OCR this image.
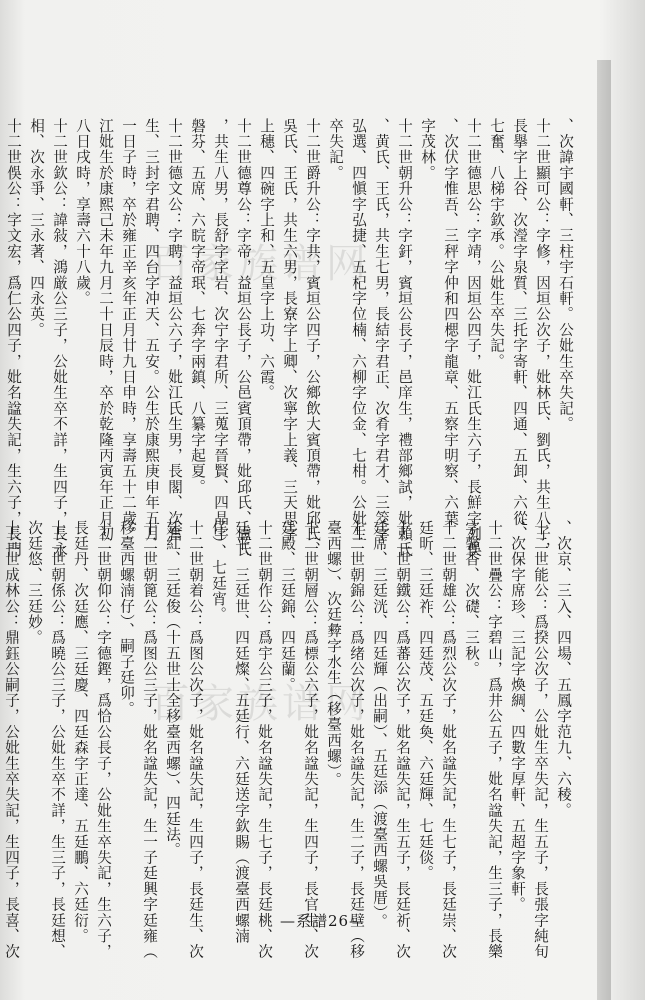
百家族谱网
百家族谱网

、次諱宇國軒、三柱宇石軒。公妣生卒失記。

十二世顯可公：字修，因垣公次子，妣林氏、劉氏，共生八子，

長擧字上谷、次瀅字泉質、三托字寄軒、四通、五卸、六從、

七奮、八梯宇欽承。公妣生卒失記。

十二世德思公：字靖，因垣公四子，妣江氏生六子，長鮮字列俁

、次伏字惟吾、三秤字仲和四楒字龍章、五察宇明察、六葉

字茂林。

十二世朝升公：字釬，賓垣公長子，邑庠生，禮部鄉試，妣賴氏

、黄氏、王氏，共生七男，長結字君正、次肴字君才、三筊字

弘選、四愼字弘捷、五杞字位楠、六柳字位金、七柑。公妣生

卒失記。

十二世爵升公：字共，賓垣公四子，公鄉飲大賓頂帶，妣邱氏、

吳氏、王氏，共生六男，長寮字上卿、次寧字上義、三天思字

上穗、四碗字上和、五皇字上功、六霞。

十二世德尊公：字帝，益垣公長子，公邑賓頂帶，妣邱氏、盧氏

，共生八男，長舒字字岩、次宁字君所、三蒐字晉賢、四晶字

磐芬、五席、六睆字帝珉、七奔字兩鎮、八纂字起夏。

十二世德文公：字聘，益垣公六子，妣江氏生男，長閣、次奮

生、三封字君聘、四台字冲天、五安。公生於康熙庚申年五月

一日子時，卒於雍正辛亥年正月廿九日申時，享壽五十二歲。

江妣生於康熙己未年九月二十日辰時，卒於乾隆丙寅年正月初

八日戌時，享壽六十八歲。

十二世欽公：諱敍，鴻厳公三子，公妣生卒不詳，生四子，長永

相、次永爭、三永著、四永英。

十二世俁公：字文宏，爲仁公四子，妣名諡失記，生六子，長門

、次京、三入、四場、五鳳字范九、六稜。

十二世能公：爲揆公次子，公妣生卒失記，生五子，長張字純旬

、次保字席珍、三記字煥綢、四數字厚軒、五超字象軒。

十二世疊公：字碧山，爲井公五子，妣名諡失記，生三子，長樂

字馨香、次礎、三秋。

十二世朝雄公：爲烈公次子，妣名諡失記，生七子，長廷崇、次

廷昕、三廷祚、四廷茂、五廷奐、六廷輝、七廷倓。

十二世朝鐵公：爲蕃公次子，妣名諡失記，生五子，長廷祈、次

廷席、三廷洸、四廷輝（出嗣）、五廷添（渡臺西螺吳厝）。

十二世朝錦公：爲绪公次子，妣名諡失記，生二子，長廷壁（移

臺西螺）、次廷彜字水生（移臺西螺）。

十二世朝層公：爲標公六子，妣名諡失記，生四子，長官生、次

廷殿、三廷錦、四廷蘭。

十二世朝作公：爲宇公三子，妣名諡失記，生七子，長廷桃、次

廷平、三廷世、四廷燦、五廷行、六廷送字欽賜（渡臺西螺湳

仔）、七廷宵。

十二世朝着公：爲图公次子，妣名諡失記，生四子，長廷生、次

廷紅、三廷俊（十五世士全移臺西螺）、四廷法。

十二世朝篦公：爲图公三子，妣名諡失記，生一子廷興字廷雍（

移臺西螺湳仔）、嗣子廷卯。

十二世朝仰公：字德鏗，爲恰公長子，公妣生卒失記，生六子，

長廷丹、次廷應、三廷慶、四廷森字正達、五廷鵬、六廷衍。

十二世朝係公：爲曉公三子，公妣生卒不詳，生三子，長廷想、

次廷悠、三廷妙。

十三世成林公：鼎鈺公嗣子，公妣生卒失記，生四子，長喜、次	—系譜26—
